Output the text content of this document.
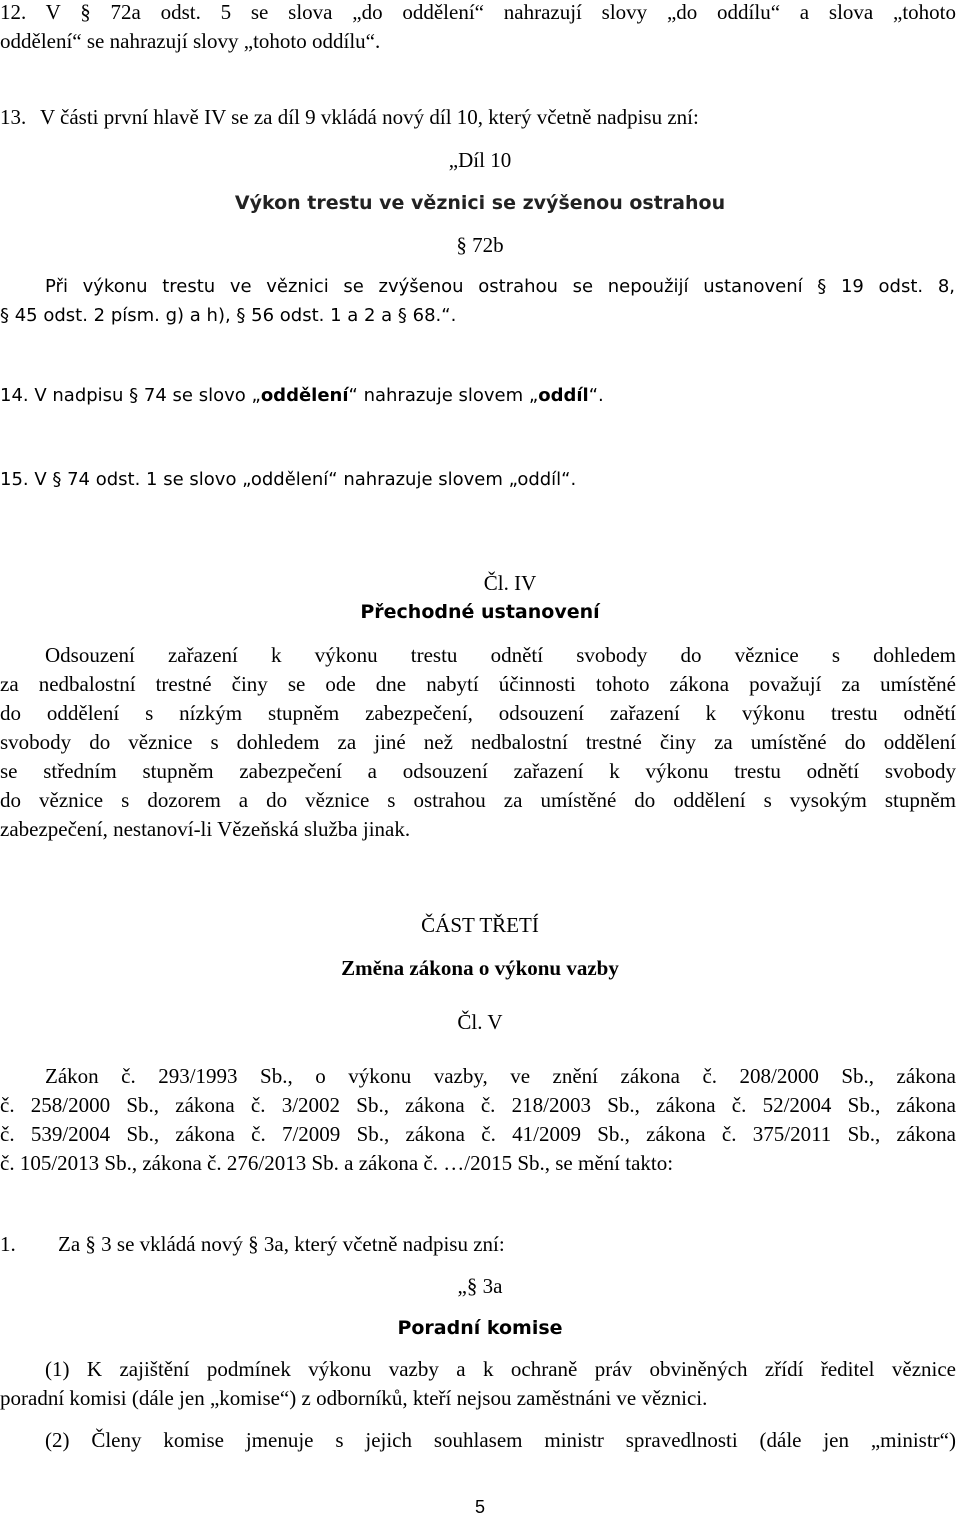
12. V § 72a odst. 5 se slova „do oddělení“ nahrazují slovy „do oddílu“ a slova „tohoto
oddělení“ se nahrazují slovy „tohoto oddílu“.
13. V části první hlavě IV se za díl 9 vkládá nový díl 10, který včetně nadpisu zní:
„Díl 10
Výkon trestu ve věznici se zvýšenou ostrahou
§ 72b
Při výkonu trestu ve věznici se zvýšenou ostrahou se nepoužijí ustanovení § 19 odst. 8,
§ 45 odst. 2 písm. g) a h), § 56 odst. 1 a 2 a § 68.“.
14. V nadpisu § 74 se slovo „oddělení“ nahrazuje slovem „oddíl“.
15. V § 74 odst. 1 se slovo „oddělení“ nahrazuje slovem „oddíl“.
Čl. IV
Přechodné ustanovení
Odsouzení zařazení k výkonu trestu odnětí svobody do věznice s dohledem
za nedbalostní trestné činy se ode dne nabytí účinnosti tohoto zákona považují za umístěné
do oddělení s nízkým stupněm zabezpečení, odsouzení zařazení k výkonu trestu odnětí
svobody do věznice s dohledem za jiné než nedbalostní trestné činy za umístěné do oddělení
se středním stupněm zabezpečení a odsouzení zařazení k výkonu trestu odnětí svobody
do věznice s dozorem a do věznice s ostrahou za umístěné do oddělení s vysokým stupněm
zabezpečení, nestanoví-li Vězeňská služba jinak.
ČÁST TŘETÍ
Změna zákona o výkonu vazby
Čl. V
Zákon č. 293/1993 Sb., o výkonu vazby, ve znění zákona č. 208/2000 Sb., zákona
č. 258/2000 Sb., zákona č. 3/2002 Sb., zákona č. 218/2003 Sb., zákona č. 52/2004 Sb., zákona
č. 539/2004 Sb., zákona č. 7/2009 Sb., zákona č. 41/2009 Sb., zákona č. 375/2011 Sb., zákona
č. 105/2013 Sb., zákona č. 276/2013 Sb. a zákona č. …/2015 Sb., se mění takto:
1. Za § 3 se vkládá nový § 3a, který včetně nadpisu zní:
„§ 3a
Poradní komise
(1) K zajištění podmínek výkonu vazby a k ochraně práv obviněných zřídí ředitel věznice
poradní komisi (dále jen „komise“) z odborníků, kteří nejsou zaměstnáni ve věznici.
(2) Členy komise jmenuje s jejich souhlasem ministr spravedlnosti (dále jen „ministr“)
5
